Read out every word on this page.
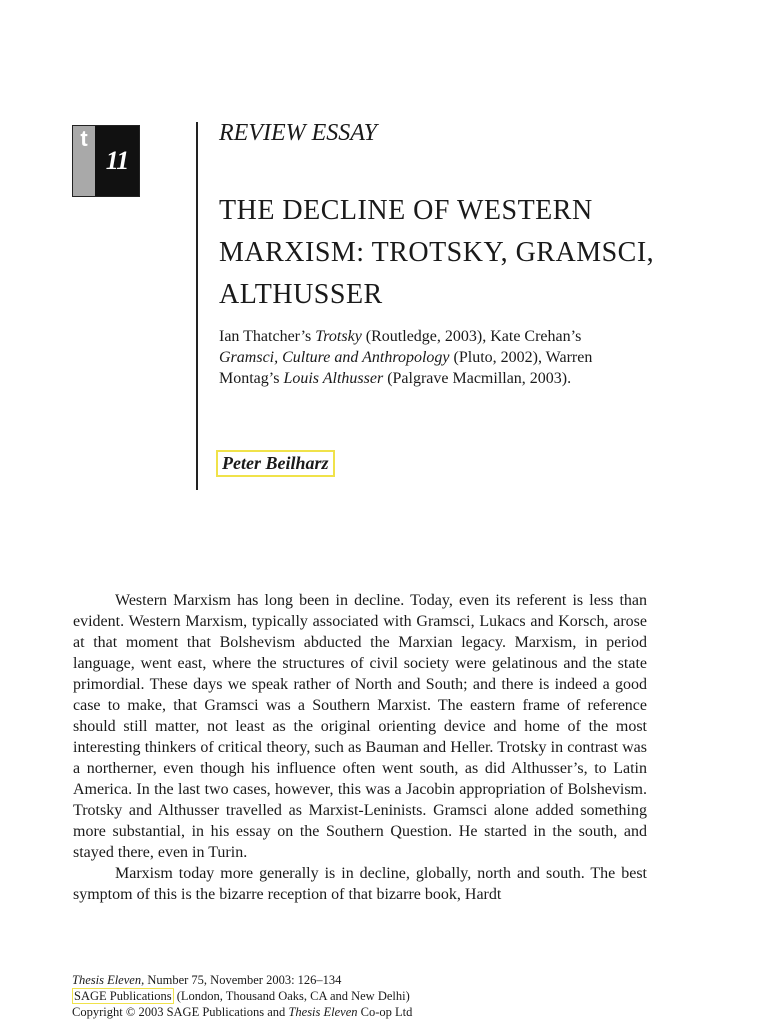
t
11
REVIEW ESSAY
THE DECLINE OF WESTERN MARXISM: TROTSKY, GRAMSCI, ALTHUSSER
Ian Thatcher’s Trotsky (Routledge, 2003), Kate Crehan’s Gramsci, Culture and Anthropology (Pluto, 2002), Warren Montag’s Louis Althusser (Palgrave Macmillan, 2003).
Peter Beilharz

Western Marxism has long been in decline. Today, even its referent is less than evident. Western Marxism, typically associated with Gramsci, Lukacs and Korsch, arose at that moment that Bolshevism abducted the Marxian legacy. Marxism, in period language, went east, where the structures of civil society were gelatinous and the state primordial. These days we speak rather of North and South; and there is indeed a good case to make, that Gramsci was a Southern Marxist. The eastern frame of reference should still matter, not least as the original orienting device and home of the most interesting thinkers of critical theory, such as Bauman and Heller. Trotsky in contrast was a northerner, even though his influence often went south, as did Althusser’s, to Latin America. In the last two cases, however, this was a Jacobin appropriation of Bolshevism. Trotsky and Althusser travelled as Marxist-Leninists. Gramsci alone added something more substantial, in his essay on the Southern Question. He started in the south, and stayed there, even in Turin.

Marxism today more generally is in decline, globally, north and south. The best symptom of this is the bizarre reception of that bizarre book, Hardt

Thesis Eleven, Number 75, November 2003: 126–134
SAGE Publications (London, Thousand Oaks, CA and New Delhi)
Copyright © 2003 SAGE Publications and Thesis Eleven Co-op Ltd
